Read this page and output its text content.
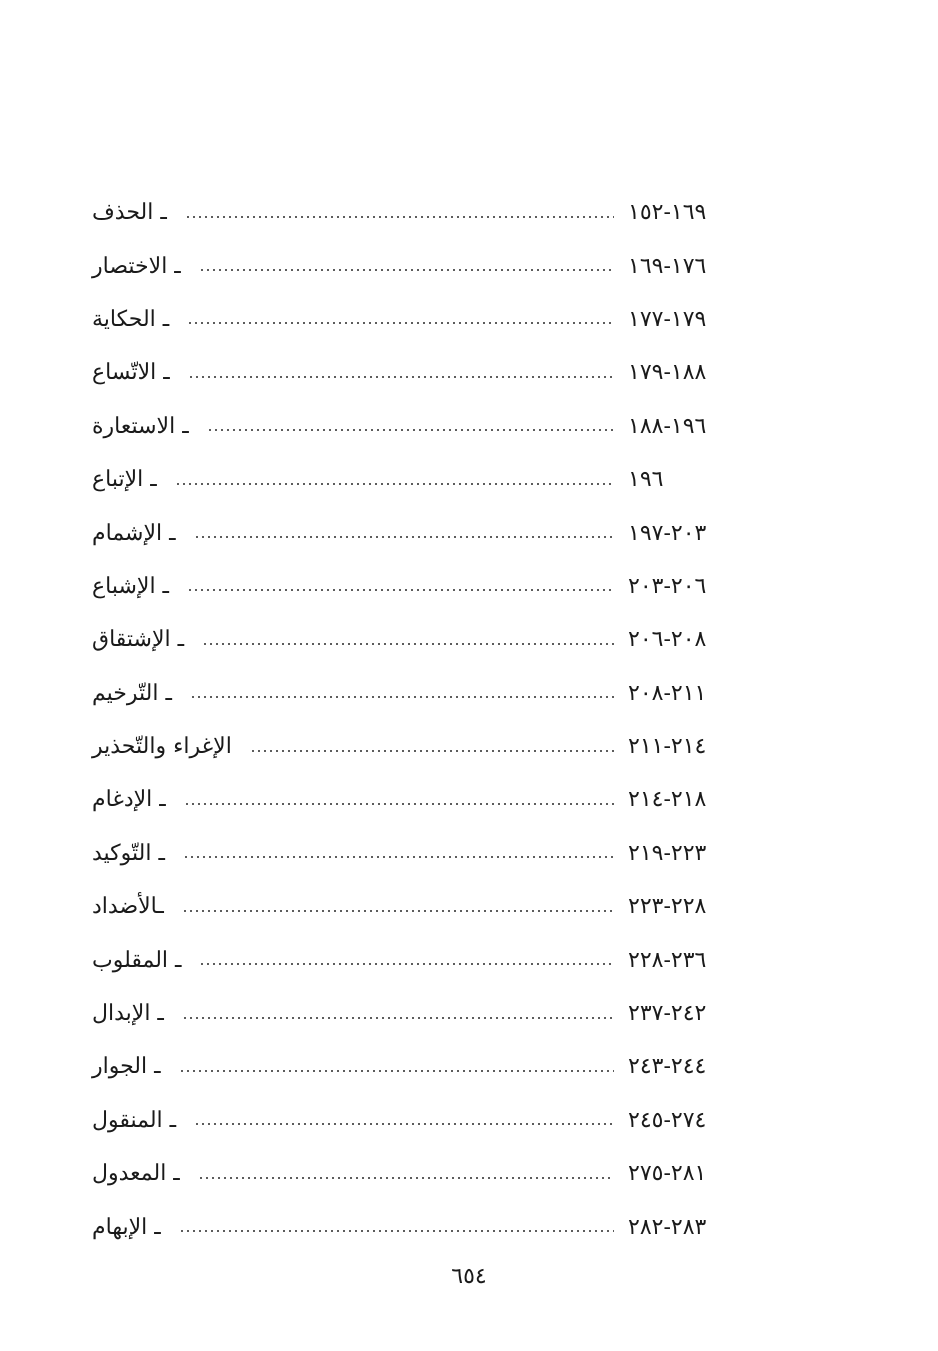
ـ الحذف	١٦٩-١٥٢
ـ الاختصار	١٧٦-١٦٩
ـ الحكاية	١٧٩-١٧٧
ـ الاتّساع	١٨٨-١٧٩
ـ الاستعارة	١٩٦-١٨٨
ـ الإتباع	١٩٦
ـ الإشمام	٢٠٣-١٩٧
ـ الإشباع	٢٠٦-٢٠٣
ـ الإشتقاق	٢٠٨-٢٠٦
ـ التّرخيم	٢١١-٢٠٨
الإغراء والتّحذير	٢١٤-٢١١
ـ الإدغام	٢١٨-٢١٤
ـ التّوكيد	٢٢٣-٢١٩
ـالأضداد	٢٢٨-٢٢٣
ـ المقلوب	٢٣٦-٢٢٨
ـ الإبدال	٢٤٢-٢٣٧
ـ الجوار	٢٤٤-٢٤٣
ـ المنقول	٢٧٤-٢٤٥
ـ المعدول	٢٨١-٢٧٥
ـ الإبهام	٢٨٣-٢٨٢
٦٥٤
